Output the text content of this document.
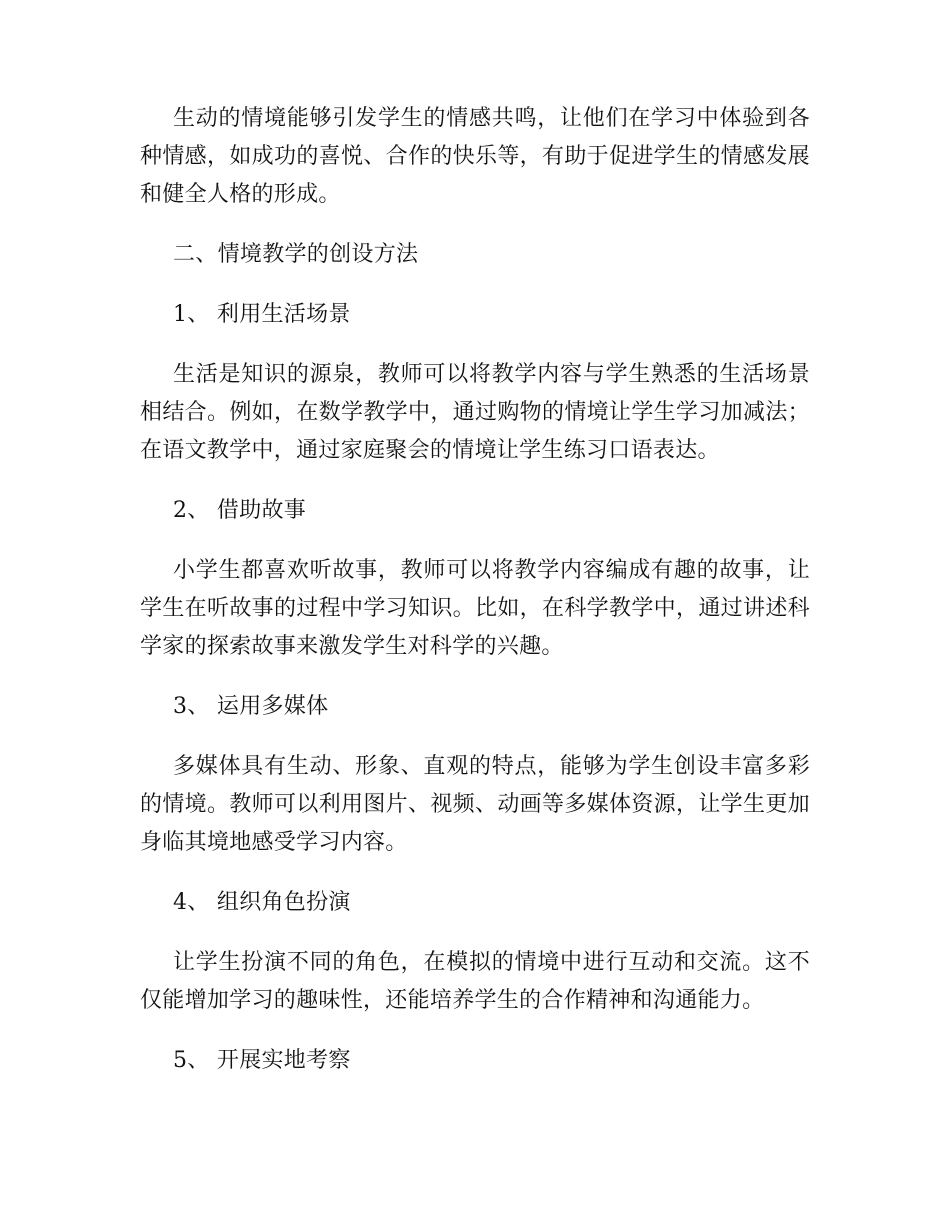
生动的情境能够引发学生的情感共鸣，让他们在学习中体验到各种情感，如成功的喜悦、合作的快乐等，有助于促进学生的情感发展和健全人格的形成。

二、情境教学的创设方法

1、 利用生活场景

生活是知识的源泉，教师可以将教学内容与学生熟悉的生活场景相结合。例如，在数学教学中，通过购物的情境让学生学习加减法；在语文教学中，通过家庭聚会的情境让学生练习口语表达。

2、 借助故事

小学生都喜欢听故事，教师可以将教学内容编成有趣的故事，让学生在听故事的过程中学习知识。比如，在科学教学中，通过讲述科学家的探索故事来激发学生对科学的兴趣。

3、 运用多媒体

多媒体具有生动、形象、直观的特点，能够为学生创设丰富多彩的情境。教师可以利用图片、视频、动画等多媒体资源，让学生更加身临其境地感受学习内容。

4、 组织角色扮演

让学生扮演不同的角色，在模拟的情境中进行互动和交流。这不仅能增加学习的趣味性，还能培养学生的合作精神和沟通能力。

5、 开展实地考察
